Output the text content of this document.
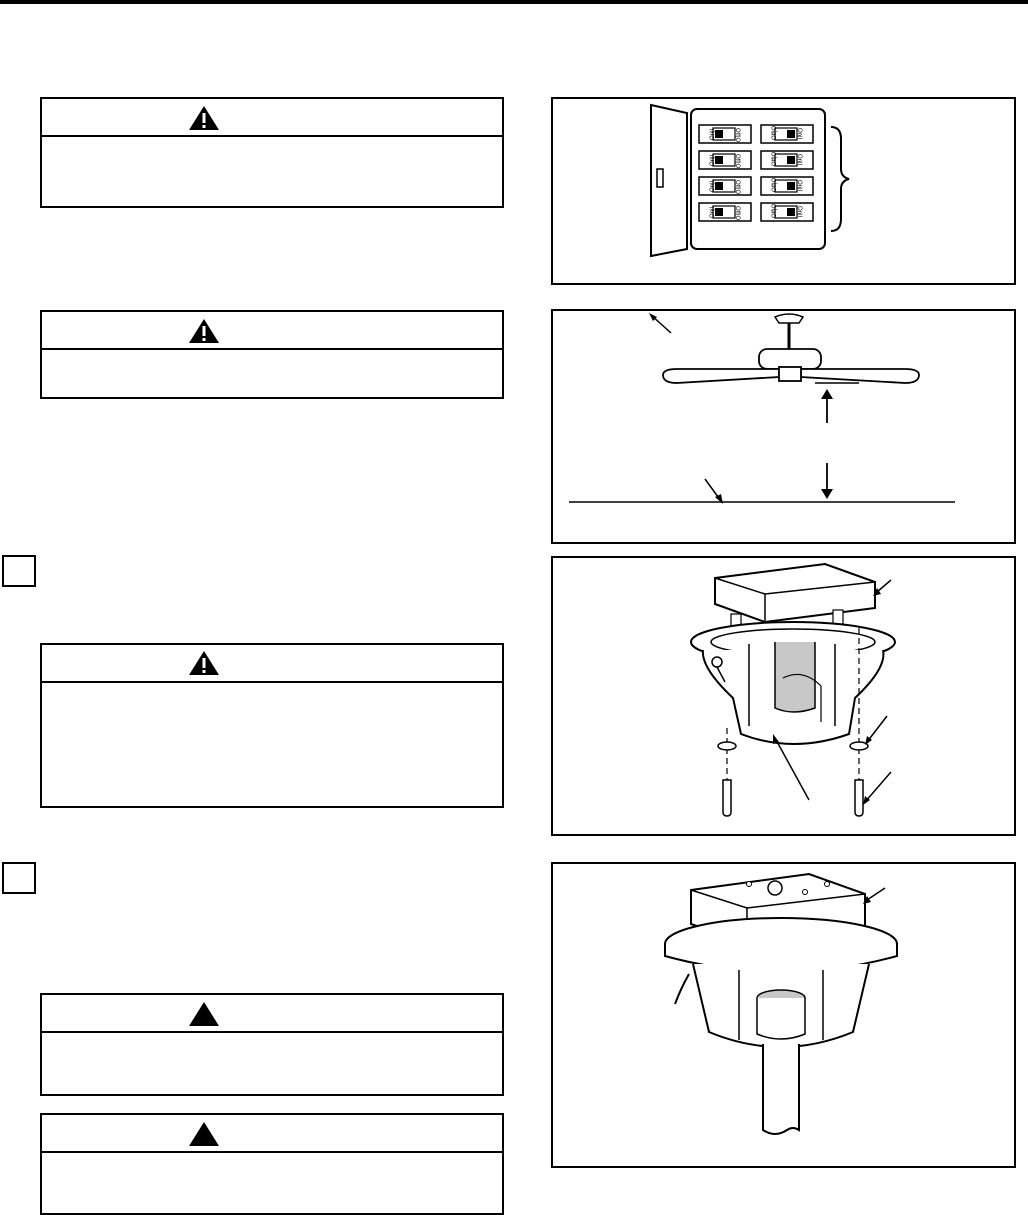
On|I	Off|O	Off|O	On|I
On|I	Off|O	Off|O	On|I
On|I	Off|O	Off|O	On|I
On|I	Off|O	Off|O	On|I
